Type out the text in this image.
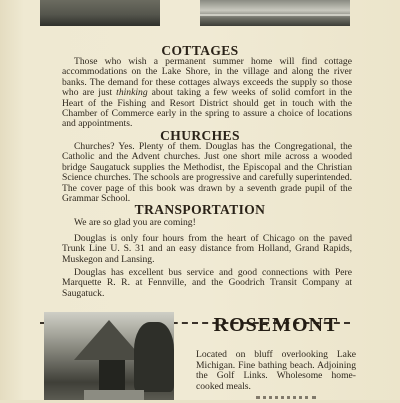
COTTAGES
Those who wish a permanent summer home will find cottage accommodations on the Lake Shore, in the village and along the river banks. The demand for these cottages always exceeds the supply so those who are just thinking about taking a few weeks of solid comfort in the Heart of the Fishing and Resort District should get in touch with the Chamber of Commerce early in the spring to assure a choice of locations and appointments.
CHURCHES
Churches? Yes. Plenty of them. Douglas has the Congregational, the Catholic and the Advent churches. Just one short mile across a wooded bridge Saugatuck supplies the Methodist, the Episcopal and the Christian Science churches. The schools are progressive and carefully superintended. The cover page of this book was drawn by a seventh grade pupil of the Grammar School.
TRANSPORTATION
We are so glad you are coming!
Douglas is only four hours from the heart of Chicago on the paved Trunk Line U. S. 31 and an easy distance from Holland, Grand Rapids, Muskegon and Lansing.
Douglas has excellent bus service and good connections with Pere Marquette R. R. at Fennville, and the Goodrich Transit Company at Saugatuck.
ROSEMONT
Located on bluff overlooking Lake Michigan. Fine bathing beach. Adjoining the Golf Links. Wholesome home-cooked meals.
